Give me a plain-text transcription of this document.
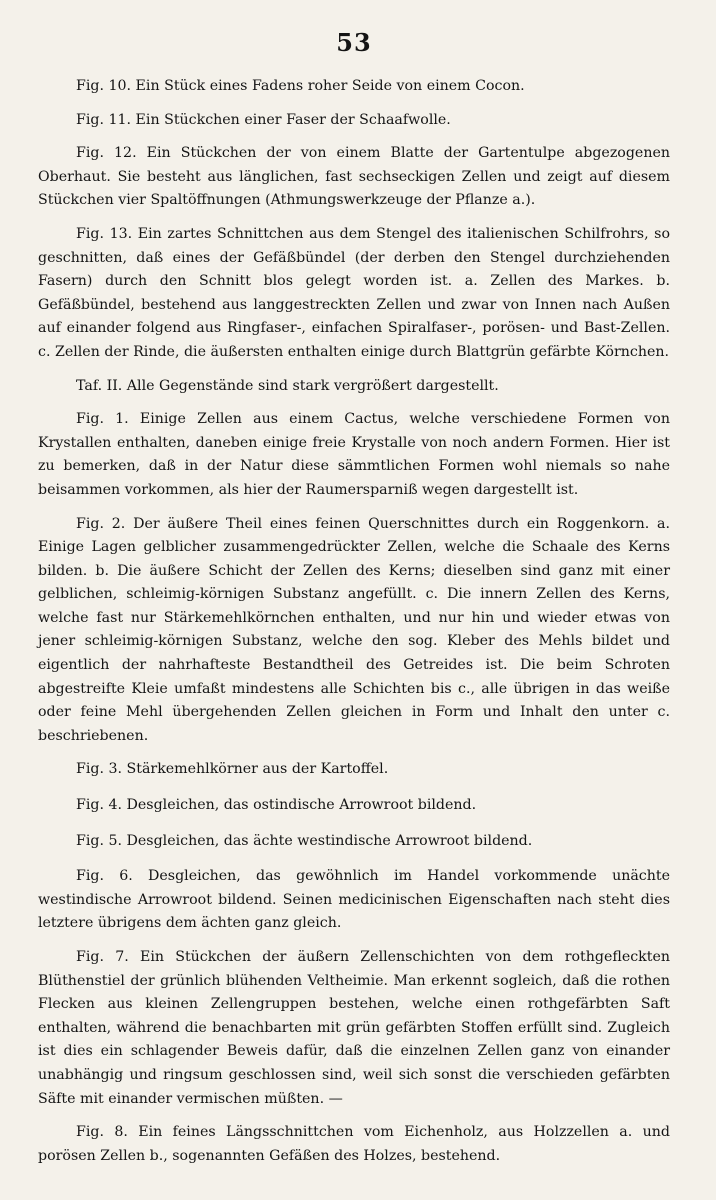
53

Fig. 10. Ein Stück eines Fadens roher Seide von einem Cocon.

Fig. 11. Ein Stückchen einer Faser der Schaafwolle.

Fig. 12. Ein Stückchen der von einem Blatte der Gartentulpe abgezogenen Oberhaut. Sie besteht aus länglichen, fast sechseckigen Zellen und zeigt auf diesem Stückchen vier Spaltöffnungen (Athmungswerkzeuge der Pflanze a.).

Fig. 13. Ein zartes Schnittchen aus dem Stengel des italienischen Schilfrohrs, so geschnitten, daß eines der Gefäßbündel (der derben den Stengel durchziehenden Fasern) durch den Schnitt blos gelegt worden ist. a. Zellen des Markes. b. Gefäßbündel, bestehend aus langgestreckten Zellen und zwar von Innen nach Außen auf einander folgend aus Ringfaser-, einfachen Spiralfaser-, porösen- und Bast-Zellen. c. Zellen der Rinde, die äußersten enthalten einige durch Blattgrün gefärbte Körnchen.

Taf. II. Alle Gegenstände sind stark vergrößert dargestellt.

Fig. 1. Einige Zellen aus einem Cactus, welche verschiedene Formen von Krystallen enthalten, daneben einige freie Krystalle von noch andern Formen. Hier ist zu bemerken, daß in der Natur diese sämmtlichen Formen wohl niemals so nahe beisammen vorkommen, als hier der Raumersparniß wegen dargestellt ist.

Fig. 2. Der äußere Theil eines feinen Querschnittes durch ein Roggenkorn. a. Einige Lagen gelblicher zusammengedrückter Zellen, welche die Schaale des Kerns bilden. b. Die äußere Schicht der Zellen des Kerns; dieselben sind ganz mit einer gelblichen, schleimig-körnigen Substanz angefüllt. c. Die innern Zellen des Kerns, welche fast nur Stärkemehlkörnchen enthalten, und nur hin und wieder etwas von jener schleimig-körnigen Substanz, welche den sog. Kleber des Mehls bildet und eigentlich der nahrhafteste Bestandtheil des Getreides ist. Die beim Schroten abgestreifte Kleie umfaßt mindestens alle Schichten bis c., alle übrigen in das weiße oder feine Mehl übergehenden Zellen gleichen in Form und Inhalt den unter c. beschriebenen.

Fig. 3. Stärkemehlkörner aus der Kartoffel.

Fig. 4. Desgleichen, das ostindische Arrowroot bildend.

Fig. 5. Desgleichen, das ächte westindische Arrowroot bildend.

Fig. 6. Desgleichen, das gewöhnlich im Handel vorkommende unächte westindische Arrowroot bildend. Seinen medicinischen Eigenschaften nach steht dies letztere übrigens dem ächten ganz gleich.

Fig. 7. Ein Stückchen der äußern Zellenschichten von dem rothgefleckten Blüthenstiel der grünlich blühenden Veltheimie. Man erkennt sogleich, daß die rothen Flecken aus kleinen Zellengruppen bestehen, welche einen rothgefärbten Saft enthalten, während die benachbarten mit grün gefärbten Stoffen erfüllt sind. Zugleich ist dies ein schlagender Beweis dafür, daß die einzelnen Zellen ganz von einander unabhängig und ringsum geschlossen sind, weil sich sonst die verschieden gefärbten Säfte mit einander vermischen müßten. —

Fig. 8. Ein feines Längsschnittchen vom Eichenholz, aus Holzzellen a. und porösen Zellen b., sogenannten Gefäßen des Holzes, bestehend.
